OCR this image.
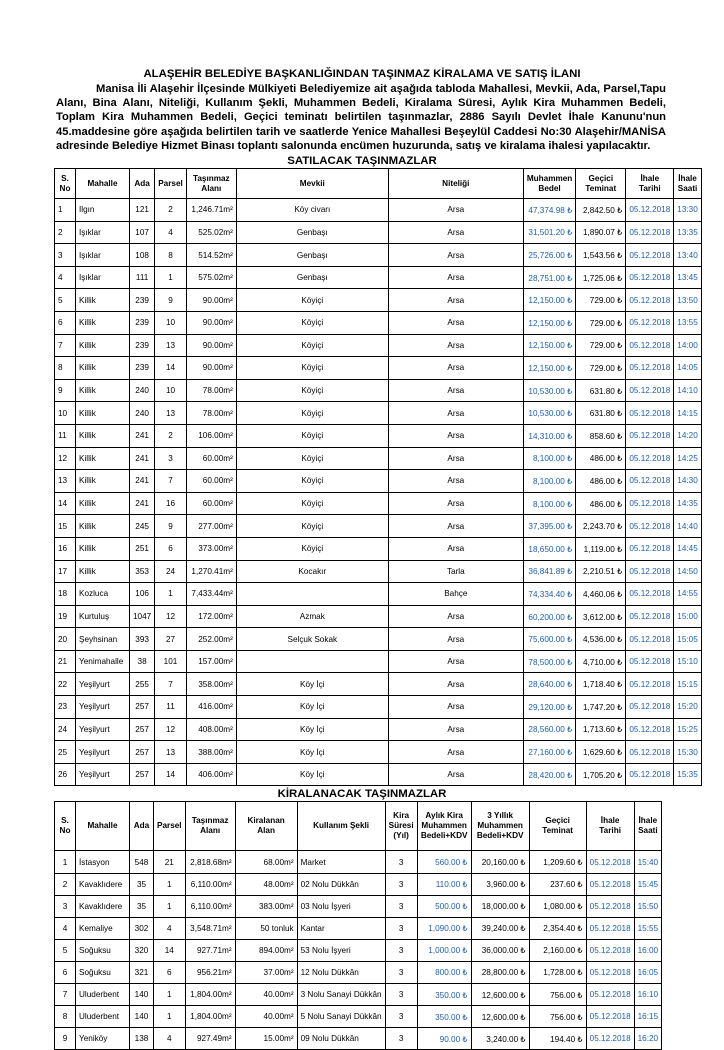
ALAŞEHİR BELEDİYE BAŞKANLIĞINDAN TAŞINMAZ KİRALAMA VE SATIŞ İLANI
Manisa İli Alaşehir İlçesinde Mülkiyeti Belediyemize ait aşağıda tabloda Mahallesi, Mevkii, Ada, Parsel,Tapu Alanı, Bina Alanı, Niteliği, Kullanım Şekli, Muhammen Bedeli, Kiralama Süresi, Aylık Kira Muhammen Bedeli, Toplam Kira Muhammen Bedeli, Geçici teminatı belirtilen taşınmazlar, 2886 Sayılı Devlet İhale Kanunu'nun 45.maddesine göre aşağıda belirtilen tarih ve saatlerde Yenice Mahallesi Beşeylül Caddesi No:30 Alaşehir/MANİSA adresinde Belediye Hizmet Binası toplantı salonunda encümen huzurunda, satış ve kiralama ihalesi yapılacaktır.
SATILACAK TAŞINMAZLAR
S. No	Mahalle	Ada	Parsel	Taşınmaz Alanı	Mevkii	Niteliği	Muhammen Bedel	Geçici Teminat	İhale Tarihi	İhale Saati
1	Ilgın	121	2	1,246.71m²	Köy civarı	Arsa	47,374.98 ₺	2,842.50 ₺	05.12.2018	13:30
2	Işıklar	107	4	525.02m²	Genbaşı	Arsa	31,501.20 ₺	1,890.07 ₺	05.12.2018	13:35
3	Işıklar	108	8	514.52m²	Genbaşı	Arsa	25,726.00 ₺	1,543.56 ₺	05.12.2018	13:40
4	Işıklar	111	1	575.02m²	Genbaşı	Arsa	28,751.00 ₺	1,725.06 ₺	05.12.2018	13:45
5	Killik	239	9	90.00m²	Köyiçi	Arsa	12,150.00 ₺	729.00 ₺	05.12.2018	13:50
6	Killik	239	10	90.00m²	Köyiçi	Arsa	12,150.00 ₺	729.00 ₺	05.12.2018	13:55
7	Killik	239	13	90.00m²	Köyiçi	Arsa	12,150.00 ₺	729.00 ₺	05.12.2018	14:00
8	Killik	239	14	90.00m²	Köyiçi	Arsa	12,150.00 ₺	729.00 ₺	05.12.2018	14:05
9	Killik	240	10	78.00m²	Köyiçi	Arsa	10,530.00 ₺	631.80 ₺	05.12.2018	14:10
10	Killik	240	13	78.00m²	Köyiçi	Arsa	10,530.00 ₺	631.80 ₺	05.12.2018	14:15
11	Killik	241	2	106.00m²	Köyiçi	Arsa	14,310.00 ₺	858.60 ₺	05.12.2018	14:20
12	Killik	241	3	60.00m²	Köyiçi	Arsa	8,100.00 ₺	486.00 ₺	05.12.2018	14:25
13	Killik	241	7	60.00m²	Köyiçi	Arsa	8,100.00 ₺	486.00 ₺	05.12.2018	14:30
14	Killik	241	16	60.00m²	Köyiçi	Arsa	8,100.00 ₺	486.00 ₺	05.12.2018	14:35
15	Killik	245	9	277.00m²	Köyiçi	Arsa	37,395.00 ₺	2,243.70 ₺	05.12.2018	14:40
16	Killik	251	6	373.00m²	Köyiçi	Arsa	18,650.00 ₺	1,119.00 ₺	05.12.2018	14:45
17	Killik	353	24	1,270.41m²	Kocakır	Tarla	36,841.89 ₺	2,210.51 ₺	05.12.2018	14:50
18	Kozluca	106	1	7,433.44m²		Bahçe	74,334.40 ₺	4,460.06 ₺	05.12.2018	14:55
19	Kurtuluş	1047	12	172.00m²	Azmak	Arsa	60,200.00 ₺	3,612.00 ₺	05.12.2018	15:00
20	Şeyhsinan	393	27	252.00m²	Selçuk Sokak	Arsa	75,600.00 ₺	4,536.00 ₺	05.12.2018	15:05
21	Yenimahalle	38	101	157.00m²		Arsa	78,500.00 ₺	4,710.00 ₺	05.12.2018	15:10
22	Yeşilyurt	255	7	358.00m²	Köy İçi	Arsa	28,640.00 ₺	1,718.40 ₺	05.12.2018	15:15
23	Yeşilyurt	257	11	416.00m²	Köy İçi	Arsa	29,120.00 ₺	1,747.20 ₺	05.12.2018	15:20
24	Yeşilyurt	257	12	408.00m²	Köy İçi	Arsa	28,560.00 ₺	1,713.60 ₺	05.12.2018	15:25
25	Yeşilyurt	257	13	388.00m²	Köy İçi	Arsa	27,160.00 ₺	1,629.60 ₺	05.12.2018	15:30
26	Yeşilyurt	257	14	406.00m²	Köy İçi	Arsa	28,420.00 ₺	1,705.20 ₺	05.12.2018	15:35
KİRALANACAK TAŞINMAZLAR
S. No	Mahalle	Ada	Parsel	Taşınmaz Alanı	Kiralanan Alan	Kullanım Şekli	Kira Süresi (Yıl)	Aylık Kira Muhammen Bedeli+KDV	3 Yıllık Muhammen Bedeli+KDV	Geçici Teminat	İhale Tarihi	İhale Saati
1	İstasyon	548	21	2,818.68m²	68.00m²	Market	3	560.00 ₺	20,160.00 ₺	1,209.60 ₺	05.12.2018	15:40
2	Kavaklıdere	35	1	6,110.00m²	48.00m²	02 Nolu Dükkân	3	110.00 ₺	3,960.00 ₺	237.60 ₺	05.12.2018	15:45
3	Kavaklıdere	35	1	6,110.00m²	383.00m²	03 Nolu İşyeri	3	500.00 ₺	18,000.00 ₺	1,080.00 ₺	05.12.2018	15:50
4	Kemaliye	302	4	3,548.71m²	50 tonluk	Kantar	3	1,090.00 ₺	39,240.00 ₺	2,354.40 ₺	05.12.2018	15:55
5	Soğuksu	320	14	927.71m²	894.00m²	53 Nolu İşyeri	3	1,000.00 ₺	36,000.00 ₺	2,160.00 ₺	05.12.2018	16:00
6	Soğuksu	321	6	956.21m²	37.00m²	12 Nolu Dükkân	3	800.00 ₺	28,800.00 ₺	1,728.00 ₺	05.12.2018	16:05
7	Uluderbent	140	1	1,804.00m²	40.00m²	3 Nolu Sanayi Dükkân	3	350.00 ₺	12,600.00 ₺	756.00 ₺	05.12.2018	16:10
8	Uluderbent	140	1	1,804.00m²	40.00m²	5 Nolu Sanayi Dükkân	3	350.00 ₺	12,600.00 ₺	756.00 ₺	05.12.2018	16:15
9	Yeniköy	138	4	927.49m²	15.00m²	09 Nolu Dükkân	3	90.00 ₺	3,240.00 ₺	194.40 ₺	05.12.2018	16:20
